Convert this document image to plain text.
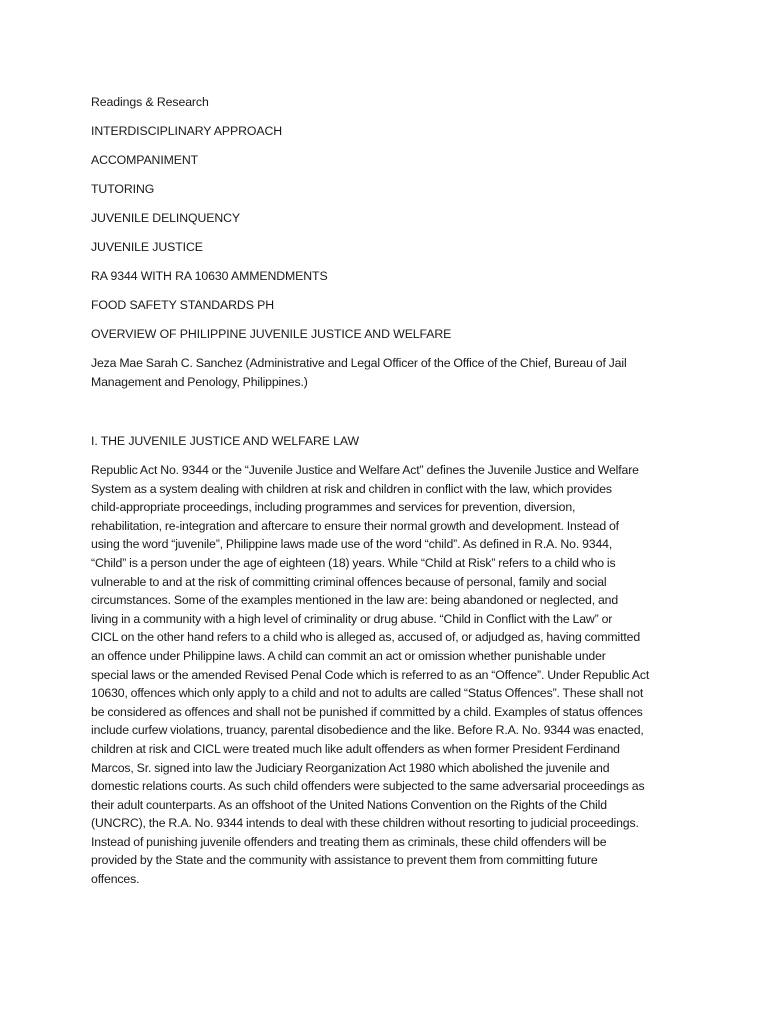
Readings & Research
INTERDISCIPLINARY APPROACH
ACCOMPANIMENT
TUTORING
JUVENILE DELINQUENCY
JUVENILE JUSTICE
RA 9344 WITH RA 10630 AMMENDMENTS
FOOD SAFETY STANDARDS PH
OVERVIEW OF PHILIPPINE JUVENILE JUSTICE AND WELFARE
Jeza Mae Sarah C. Sanchez (Administrative and Legal Officer of the Office of the Chief, Bureau of Jail
Management and Penology, Philippines.)
I. THE JUVENILE JUSTICE AND WELFARE LAW
Republic Act No. 9344 or the “Juvenile Justice and Welfare Act” defines the Juvenile Justice and Welfare
System as a system dealing with children at risk and children in conflict with the law, which provides
child-appropriate proceedings, including programmes and services for prevention, diversion,
rehabilitation, re-integration and aftercare to ensure their normal growth and development. Instead of
using the word “juvenile”, Philippine laws made use of the word “child”. As defined in R.A. No. 9344,
“Child” is a person under the age of eighteen (18) years. While “Child at Risk” refers to a child who is
vulnerable to and at the risk of committing criminal offences because of personal, family and social
circumstances. Some of the examples mentioned in the law are: being abandoned or neglected, and
living in a community with a high level of criminality or drug abuse. “Child in Conflict with the Law” or
CICL on the other hand refers to a child who is alleged as, accused of, or adjudged as, having committed
an offence under Philippine laws. A child can commit an act or omission whether punishable under
special laws or the amended Revised Penal Code which is referred to as an “Offence”. Under Republic Act
10630, offences which only apply to a child and not to adults are called “Status Offences”. These shall not
be considered as offences and shall not be punished if committed by a child. Examples of status offences
include curfew violations, truancy, parental disobedience and the like. Before R.A. No. 9344 was enacted,
children at risk and CICL were treated much like adult offenders as when former President Ferdinand
Marcos, Sr. signed into law the Judiciary Reorganization Act 1980 which abolished the juvenile and
domestic relations courts. As such child offenders were subjected to the same adversarial proceedings as
their adult counterparts. As an offshoot of the United Nations Convention on the Rights of the Child
(UNCRC), the R.A. No. 9344 intends to deal with these children without resorting to judicial proceedings.
Instead of punishing juvenile offenders and treating them as criminals, these child offenders will be
provided by the State and the community with assistance to prevent them from committing future
offences.
